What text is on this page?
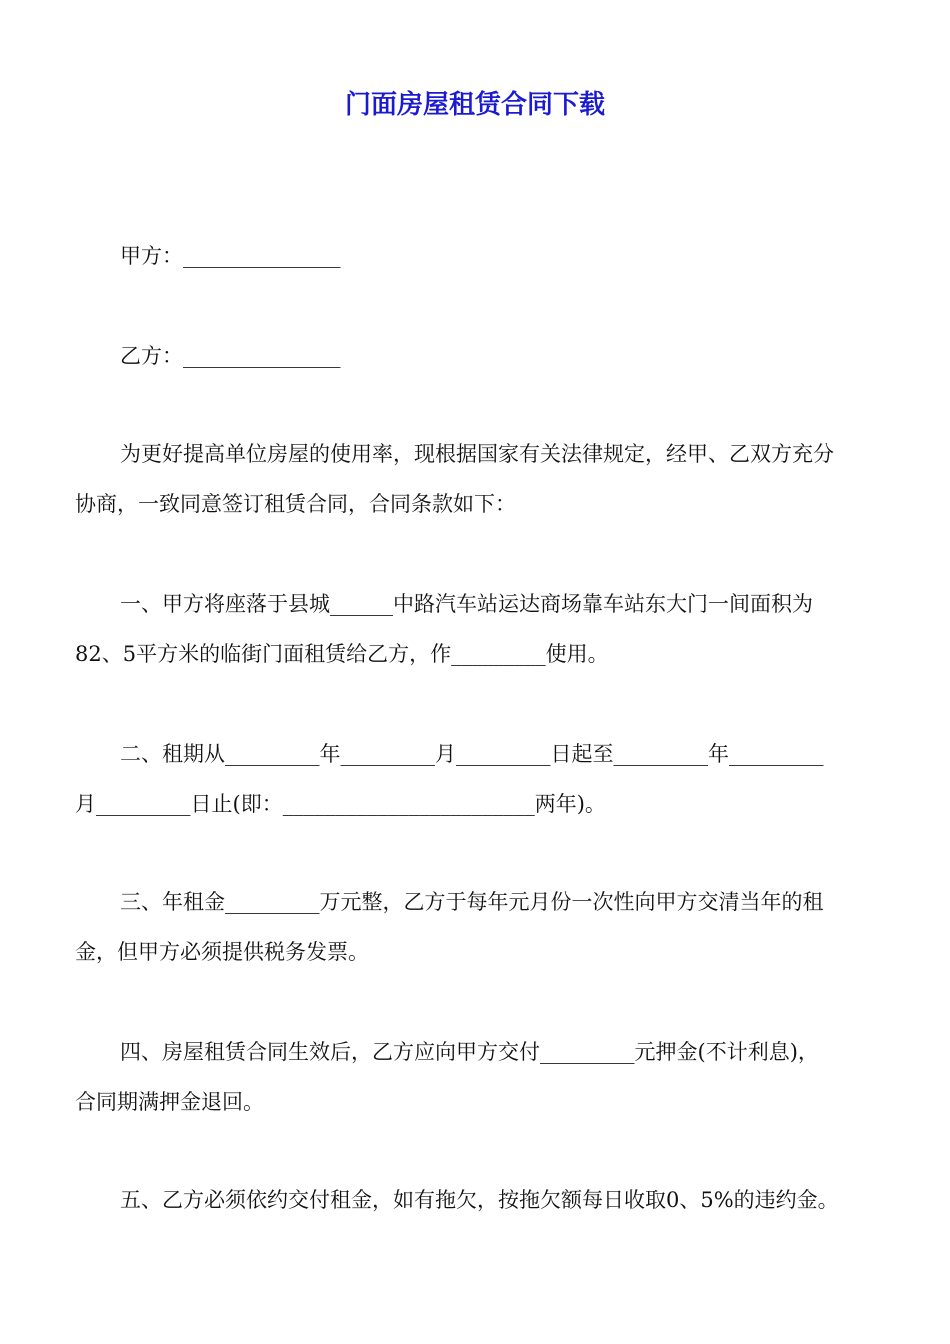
门面房屋租赁合同下载
甲方：_______________
乙方：_______________
为更好提高单位房屋的使用率，现根据国家有关法律规定，经甲、乙双方充分
协商，一致同意签订租赁合同，合同条款如下：
一、甲方将座落于县城______中路汽车站运达商场靠车站东大门一间面积为
82、5平方米的临街门面租赁给乙方，作_________使用。
二、租期从_________年_________月_________日起至_________年_________
月_________日止(即：________________________两年)。
三、年租金_________万元整，乙方于每年元月份一次性向甲方交清当年的租
金，但甲方必须提供税务发票。
四、房屋租赁合同生效后，乙方应向甲方交付_________元押金(不计利息)，
合同期满押金退回。
五、乙方必须依约交付租金，如有拖欠，按拖欠额每日收取0、5%的违约金。
